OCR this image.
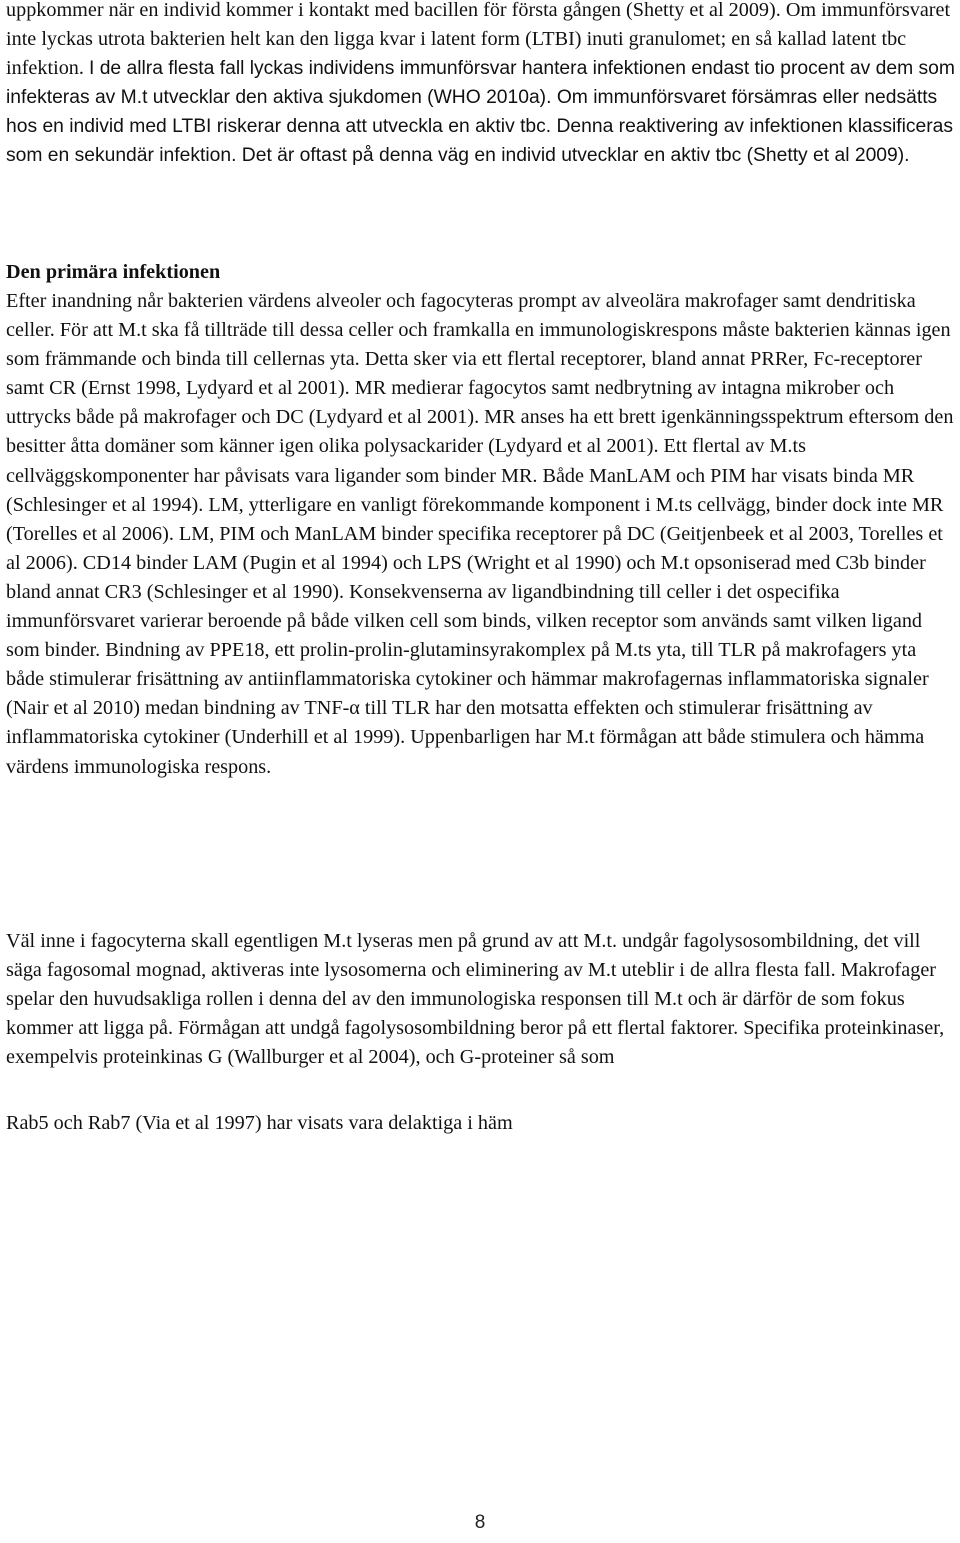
uppkommer när en individ kommer i kontakt med bacillen för första gången (Shetty et al 2009). Om immunförsvaret inte lyckas utrota bakterien helt kan den ligga kvar i latent form (LTBI) inuti granulomet; en så kallad latent tbc infektion. I de allra flesta fall lyckas individens immunförsvar hantera infektionen endast tio procent av dem som infekteras av M.t utvecklar den aktiva sjukdomen (WHO 2010a). Om immunförsvaret försämras eller nedsätts hos en individ med LTBI riskerar denna att utveckla en aktiv tbc. Denna reaktivering av infektionen klassificeras som en sekundär infektion. Det är oftast på denna väg en individ utvecklar en aktiv tbc (Shetty et al 2009).

Den primära infektionen

Efter inandning når bakterien värdens alveoler och fagocyteras prompt av alveolära makrofager samt dendritiska celler. För att M.t ska få tillträde till dessa celler och framkalla en immunologiskrespons måste bakterien kännas igen som främmande och binda till cellernas yta. Detta sker via ett flertal receptorer, bland annat PRRer, Fc-receptorer samt CR (Ernst 1998, Lydyard et al 2001). MR medierar fagocytos samt nedbrytning av intagna mikrober och uttrycks både på makrofager och DC (Lydyard et al 2001). MR anses ha ett brett igenkänningsspektrum eftersom den besitter åtta domäner som känner igen olika polysackarider (Lydyard et al 2001). Ett flertal av M.ts cellväggskomponenter har påvisats vara ligander som binder MR. Både ManLAM och PIM har visats binda MR (Schlesinger et al 1994). LM, ytterligare en vanligt förekommande komponent i M.ts cellvägg, binder dock inte MR (Torelles et al 2006). LM, PIM och ManLAM binder specifika receptorer på DC (Geitjenbeek et al 2003, Torelles et al 2006). CD14 binder LAM (Pugin et al 1994) och LPS (Wright et al 1990) och M.t opsoniserad med C3b binder bland annat CR3 (Schlesinger et al 1990). Konsekvenserna av ligandbindning till celler i det ospecifika immunförsvaret varierar beroende på både vilken cell som binds, vilken receptor som används samt vilken ligand som binder. Bindning av PPE18, ett prolin-prolin-glutaminsyrakomplex på M.ts yta, till TLR på makrofagers yta både stimulerar frisättning av antiinflammatoriska cytokiner och hämmar makrofagernas inflammatoriska signaler (Nair et al 2010) medan bindning av TNF-α till TLR har den motsatta effekten och stimulerar frisättning av inflammatoriska cytokiner (Underhill et al 1999). Uppenbarligen har M.t förmågan att både stimulera och hämma värdens immunologiska respons.

Väl inne i fagocyterna skall egentligen M.t lyseras men på grund av att M.t. undgår fagolysosombildning, det vill säga fagosomal mognad, aktiveras inte lysosomerna och eliminering av M.t uteblir i de allra flesta fall. Makrofager spelar den huvudsakliga rollen i denna del av den immunologiska responsen till M.t och är därför de som fokus kommer att ligga på. Förmågan att undgå fagolysosombildning beror på ett flertal faktorer. Specifika proteinkinaser, exempelvis proteinkinas G (Wallburger et al 2004), och G-proteiner så som

Rab5 och Rab7 (Via et al 1997) har visats vara delaktiga i häm

8
